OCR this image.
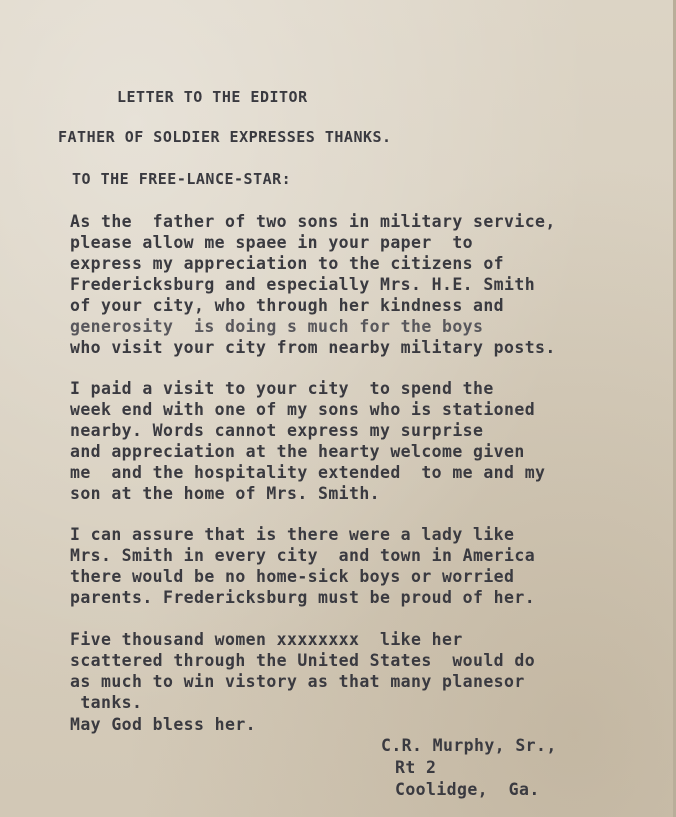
LETTER TO THE EDITOR
FATHER OF SOLDIER EXPRESSES THANKS.
TO THE FREE-LANCE-STAR:
As the  father of two sons in military service,
please allow me spaee in your paper  to
express my appreciation to the citizens of
Fredericksburg and especially Mrs. H.E. Smith
of your city, who through her kindness and
generosity  is doing s much for the boys
who visit your city from nearby military posts.
I paid a visit to your city  to spend the
week end with one of my sons who is stationed
nearby. Words cannot express my surprise
and appreciation at the hearty welcome given
me  and the hospitality extended  to me and my
son at the home of Mrs. Smith.
I can assure that is there were a lady like
Mrs. Smith in every city  and town in America
there would be no home-sick boys or worried
parents. Fredericksburg must be proud of her.
Five thousand women xxxxxxxx  like her
scattered through the United States  would do
as much to win vistory as that many planesor
tanks.
May God bless her.
C.R. Murphy, Sr.,
Rt 2
Coolidge,  Ga.
